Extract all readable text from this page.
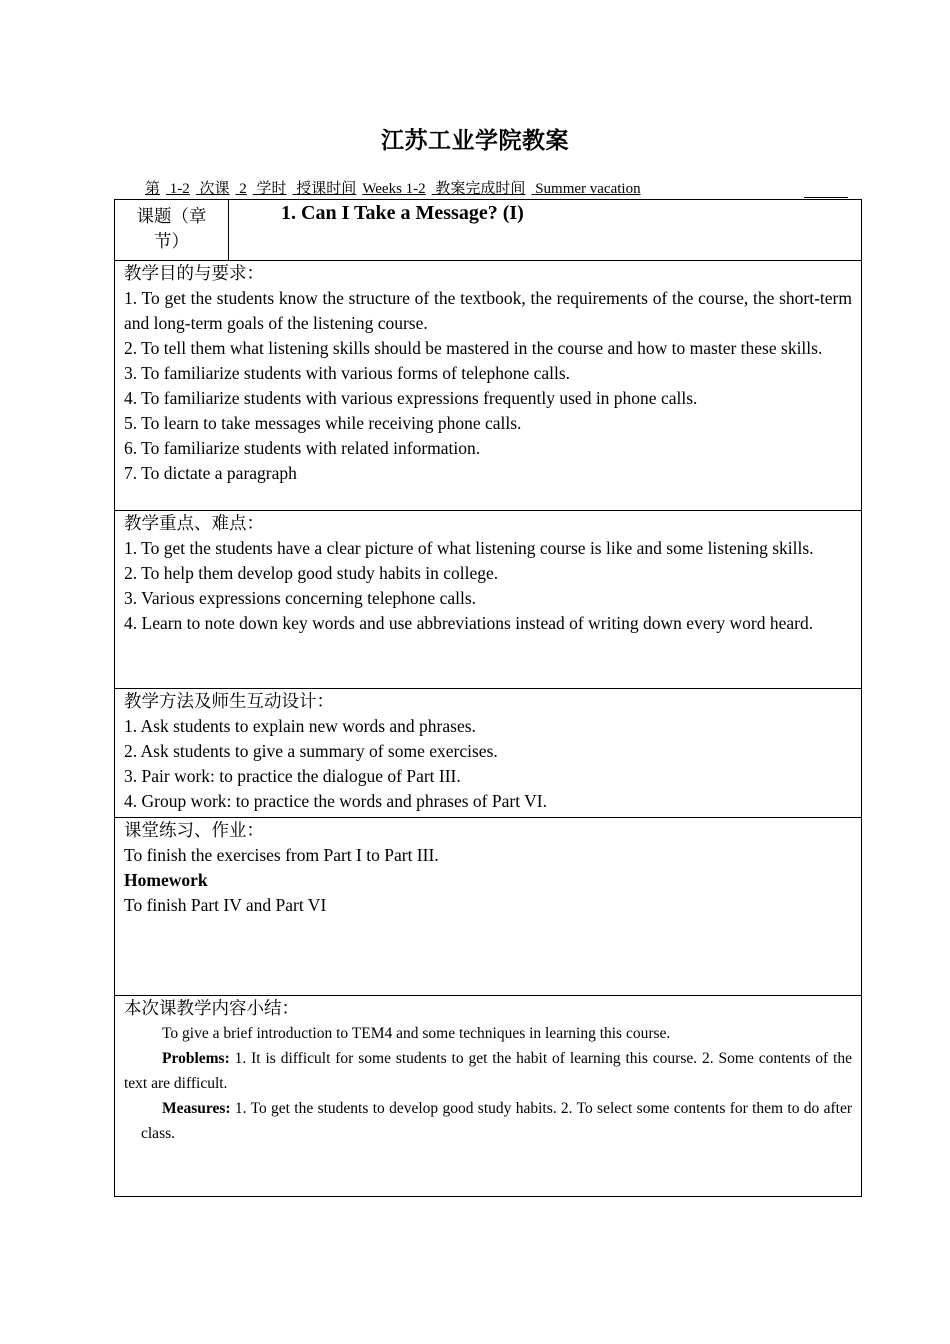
江苏工业学院教案
第 1-2 次课 2 学时 授课时间 Weeks 1-2 教案完成时间 Summer vacation
课题（章节）	1. Can I Take a Message? (I)

教学目的与要求：
1. To get the students know the structure of the textbook, the requirements of the course, the short-term and long-term goals of the listening course.
2. To tell them what listening skills should be mastered in the course and how to master these skills.
3. To familiarize students with various forms of telephone calls.
4. To familiarize students with various expressions frequently used in phone calls.
5. To learn to take messages while receiving phone calls.
6. To familiarize students with related information.
7. To dictate a paragraph

教学重点、难点：
1. To get the students have a clear picture of what listening course is like and some listening skills.
2. To help them develop good study habits in college.
3. Various expressions concerning telephone calls.
4. Learn to note down key words and use abbreviations instead of writing down every word heard.

教学方法及师生互动设计：
1. Ask students to explain new words and phrases.
2. Ask students to give a summary of some exercises.
3. Pair work: to practice the dialogue of Part III.
4. Group work: to practice the words and phrases of Part VI.

课堂练习、作业：
To finish the exercises from Part I to Part III.
Homework
To finish Part IV and Part VI

本次课教学内容小结：
To give a brief introduction to TEM4 and some techniques in learning this course.
Problems: 1. It is difficult for some students to get the habit of learning this course. 2. Some contents of the text are difficult.
Measures: 1. To get the students to develop good study habits. 2. To select some contents for them to do after class.
